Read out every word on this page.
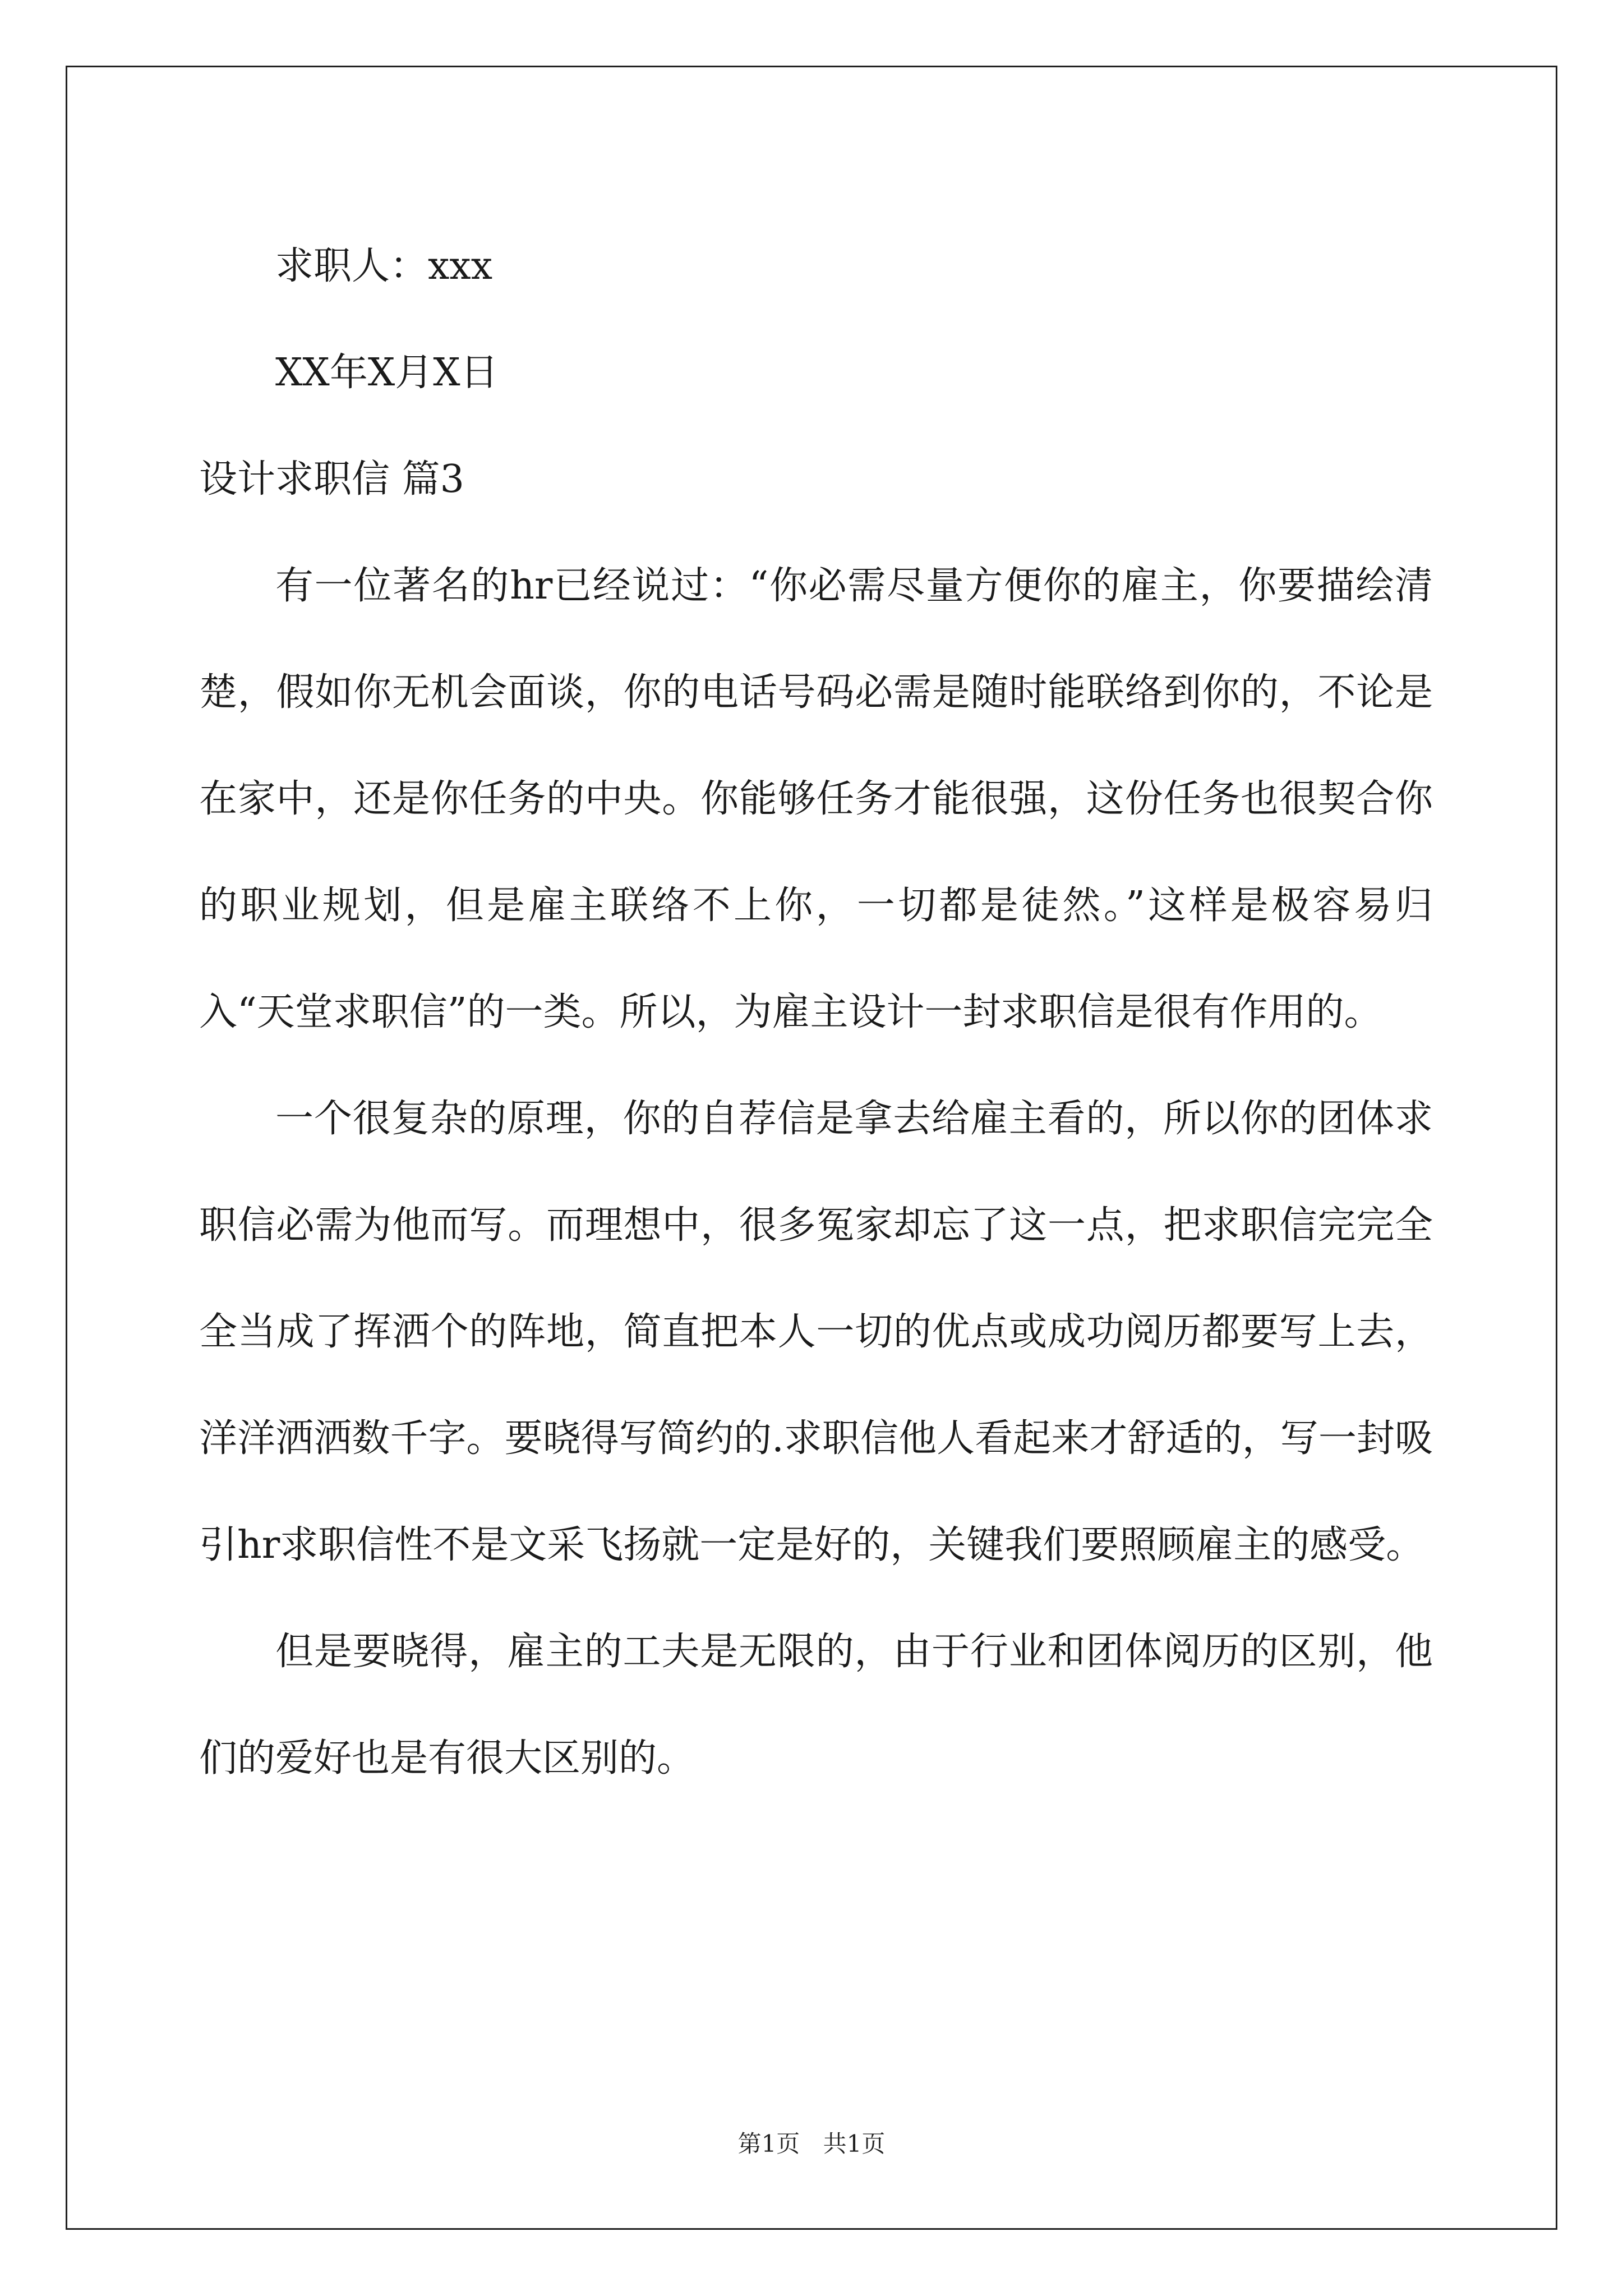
求职人：xxx

XX年X月X日

设计求职信 篇3

有一位著名的hr已经说过：“你必需尽量方便你的雇主，你要描绘清楚，假如你无机会面谈，你的电话号码必需是随时能联络到你的，不论是在家中，还是你任务的中央。你能够任务才能很强，这份任务也很契合你的职业规划，但是雇主联络不上你，一切都是徒然。”这样是极容易归入“天堂求职信”的一类。所以，为雇主设计一封求职信是很有作用的。

一个很复杂的原理，你的自荐信是拿去给雇主看的，所以你的团体求职信必需为他而写。而理想中，很多冤家却忘了这一点，把求职信完完全全当成了挥洒个的阵地，简直把本人一切的优点或成功阅历都要写上去，洋洋洒洒数千字。要晓得写简约的.求职信他人看起来才舒适的，写一封吸引hr求职信性不是文采飞扬就一定是好的，关键我们要照顾雇主的感受。

但是要晓得，雇主的工夫是无限的，由于行业和团体阅历的区别，他们的爱好也是有很大区别的。

第1页 共1页
